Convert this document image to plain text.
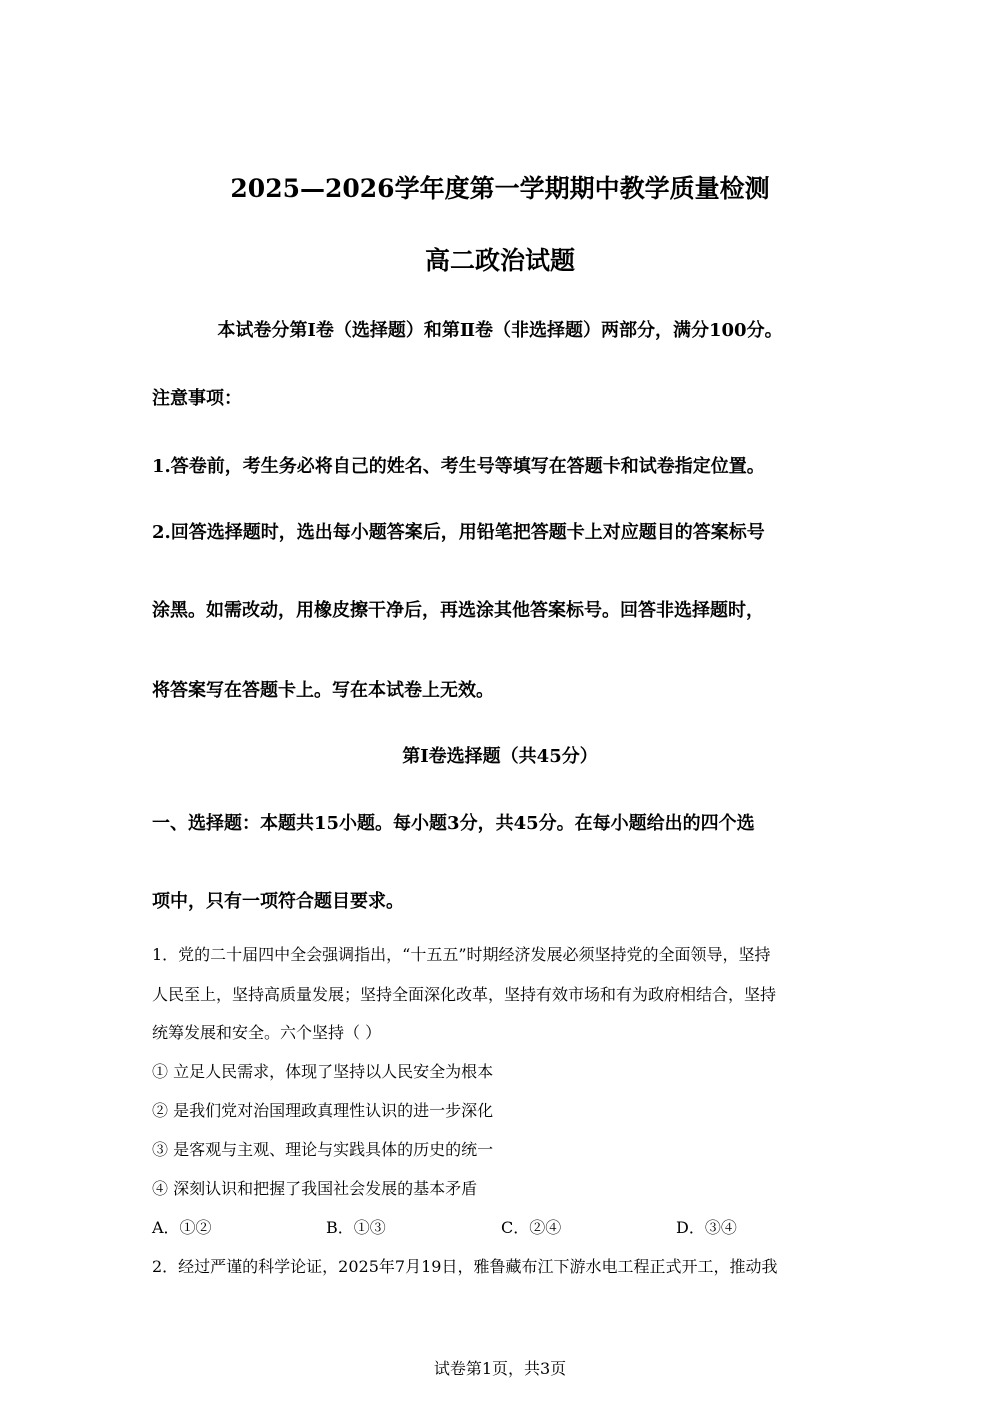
2025—2026学年度第一学期期中教学质量检测
高二政治试题
本试卷分第Ⅰ卷（选择题）和第Ⅱ卷（非选择题）两部分，满分100分。
注意事项：
1.答卷前，考生务必将自己的姓名、考生号等填写在答题卡和试卷指定位置。
2.回答选择题时，选出每小题答案后，用铅笔把答题卡上对应题目的答案标号
涂黑。如需改动，用橡皮擦干净后，再选涂其他答案标号。回答非选择题时，
将答案写在答题卡上。写在本试卷上无效。
第Ⅰ卷选择题（共45分）
一、选择题：本题共15小题。每小题3分，共45分。在每小题给出的四个选
项中，只有一项符合题目要求。
1．党的二十届四中全会强调指出，“十五五”时期经济发展必须坚持党的全面领导，坚持
人民至上，坚持高质量发展；坚持全面深化改革，坚持有效市场和有为政府相结合，坚持
统筹发展和安全。六个坚持（ ）
① 立足人民需求，体现了坚持以人民安全为根本
② 是我们党对治国理政真理性认识的进一步深化
③ 是客观与主观、理论与实践具体的历史的统一
④ 深刻认识和把握了我国社会发展的基本矛盾
A．①②	B．①③	C．②④	D．③④
2．经过严谨的科学论证，2025年7月19日，雅鲁藏布江下游水电工程正式开工，推动我
试卷第1页，共3页
